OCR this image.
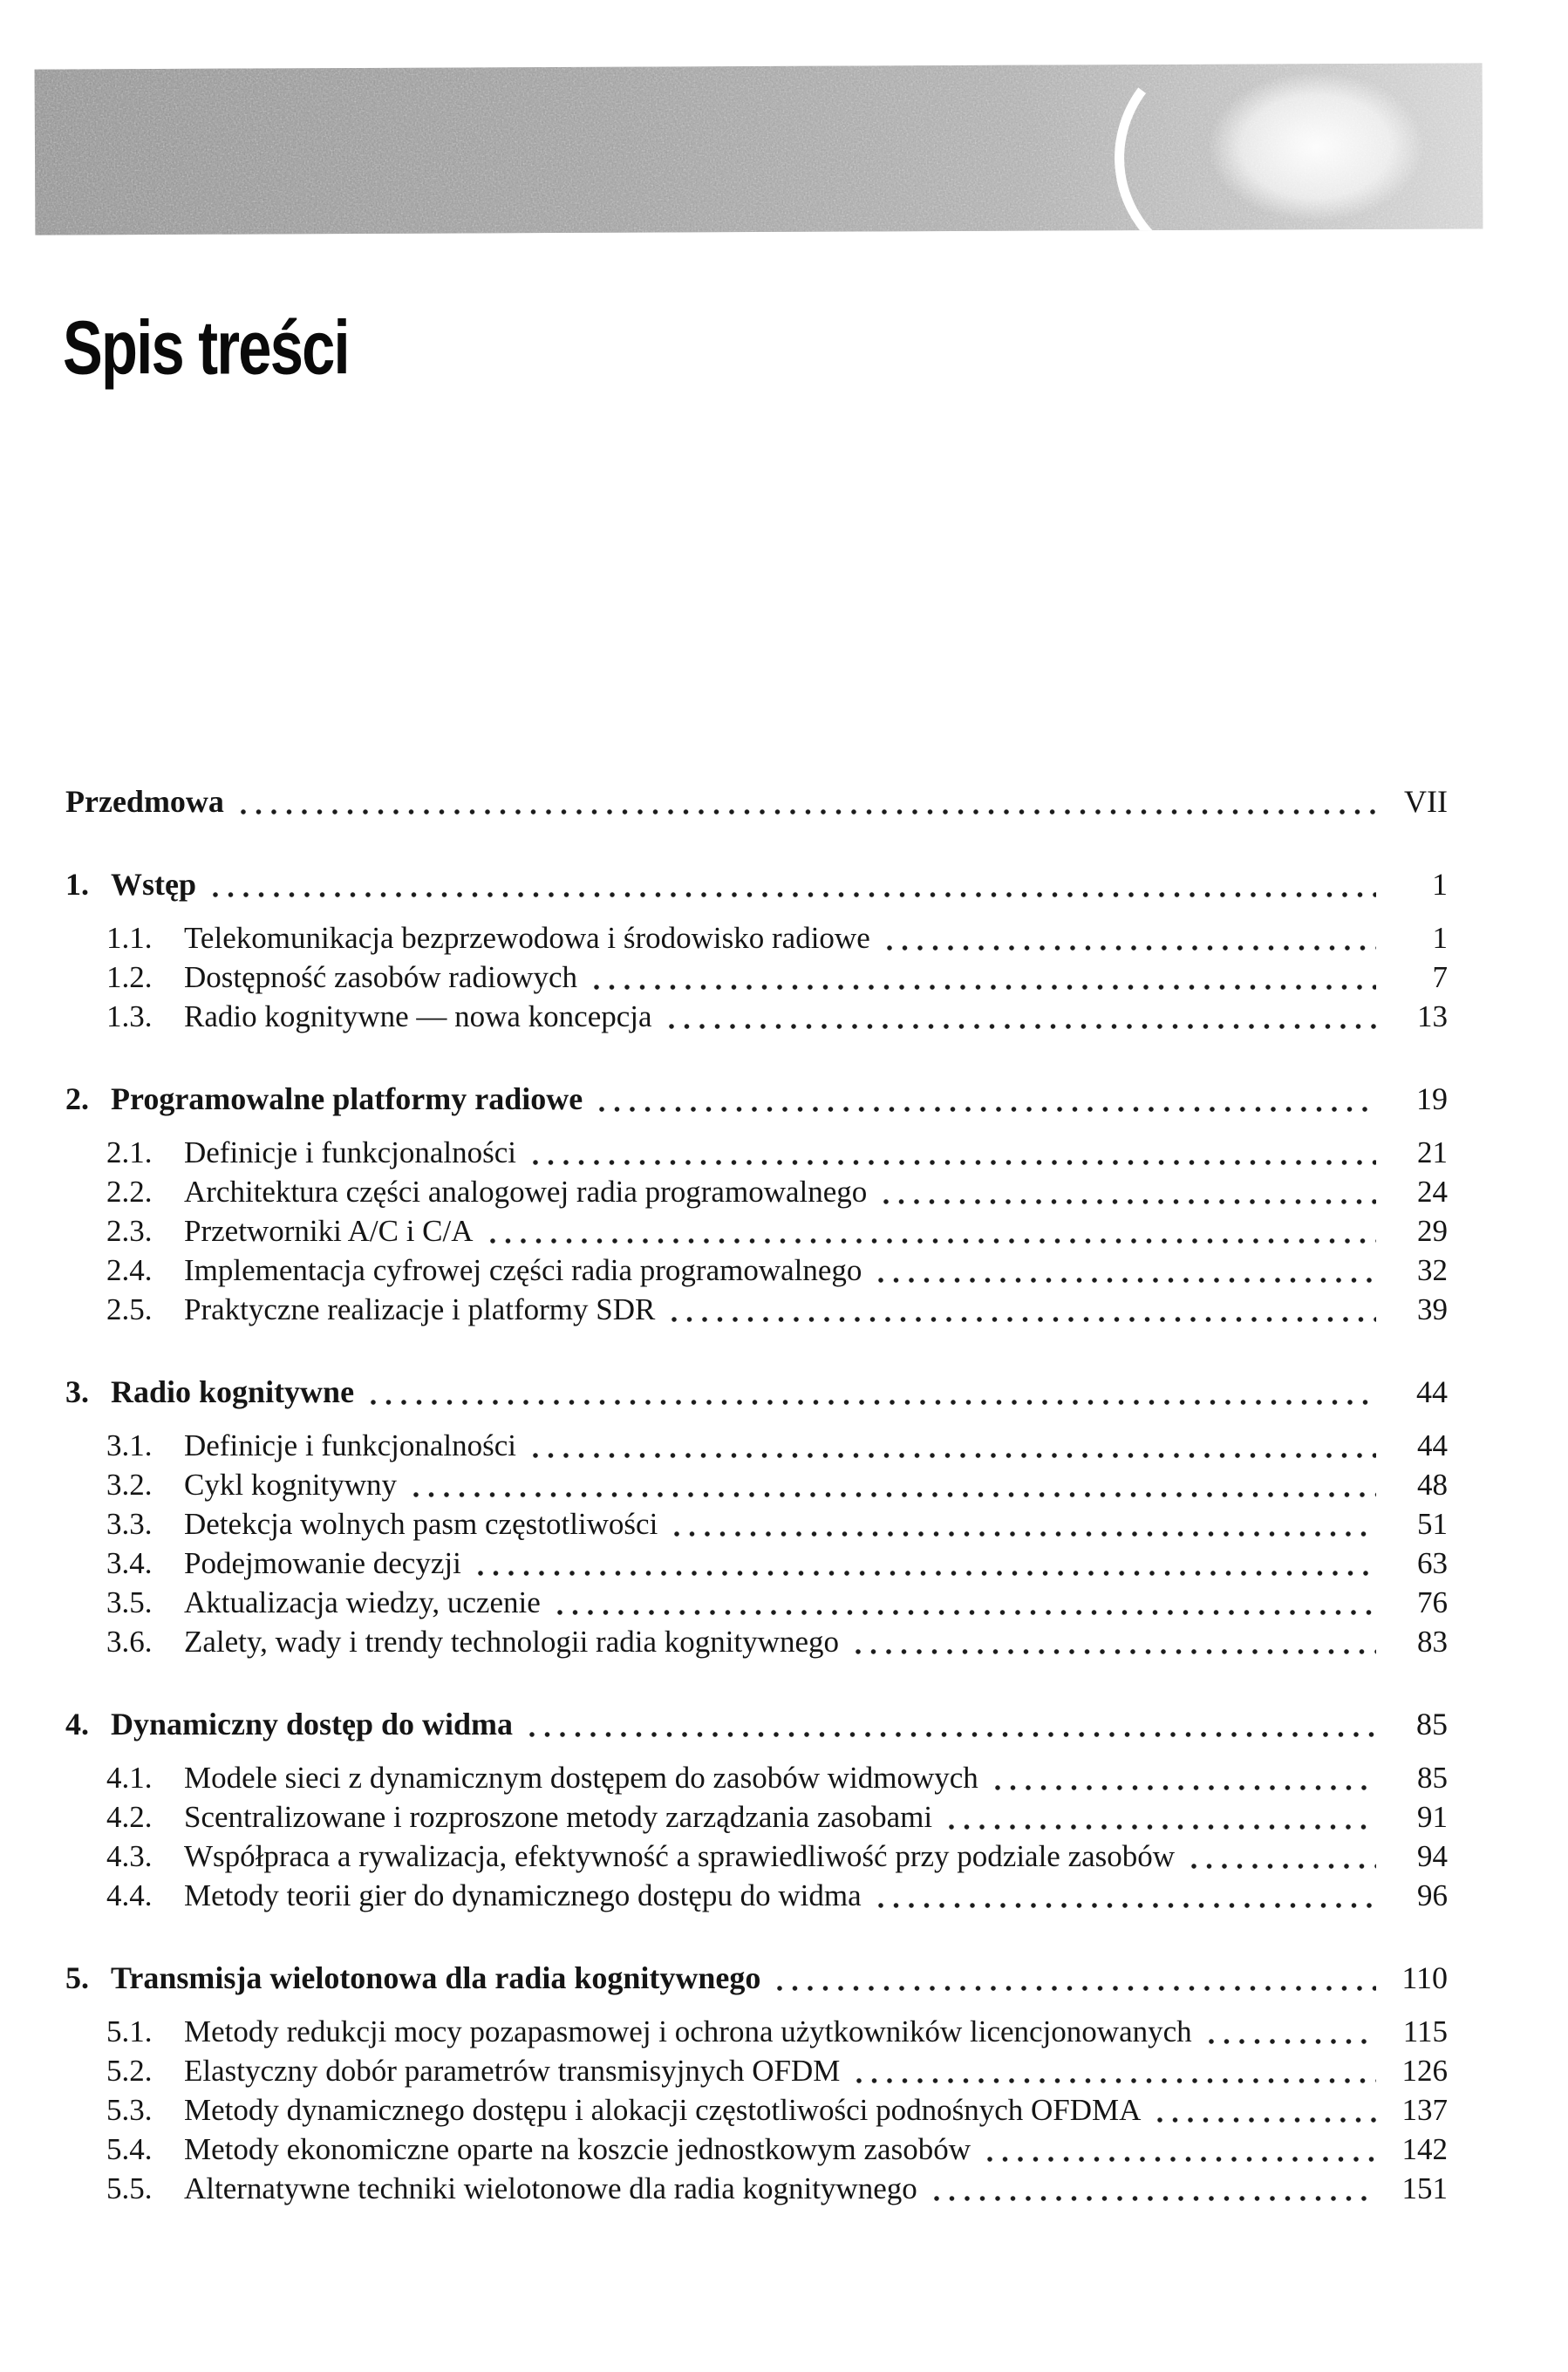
Spis treści
Przedmowa	VII
1. Wstęp	1
1.1.	Telekomunikacja bezprzewodowa i środowisko radiowe	1
1.2.	Dostępność zasobów radiowych	7
1.3.	Radio kognitywne — nowa koncepcja	13
2. Programowalne platformy radiowe	19
2.1.	Definicje i funkcjonalności	21
2.2.	Architektura części analogowej radia programowalnego	24
2.3.	Przetworniki A/C i C/A	29
2.4.	Implementacja cyfrowej części radia programowalnego	32
2.5.	Praktyczne realizacje i platformy SDR	39
3. Radio kognitywne	44
3.1.	Definicje i funkcjonalności	44
3.2.	Cykl kognitywny	48
3.3.	Detekcja wolnych pasm częstotliwości	51
3.4.	Podejmowanie decyzji	63
3.5.	Aktualizacja wiedzy, uczenie	76
3.6.	Zalety, wady i trendy technologii radia kognitywnego	83
4. Dynamiczny dostęp do widma	85
4.1.	Modele sieci z dynamicznym dostępem do zasobów widmowych	85
4.2.	Scentralizowane i rozproszone metody zarządzania zasobami	91
4.3.	Współpraca a rywalizacja, efektywność a sprawiedliwość przy podziale zasobów	94
4.4.	Metody teorii gier do dynamicznego dostępu do widma	96
5. Transmisja wielotonowa dla radia kognitywnego	110
5.1.	Metody redukcji mocy pozapasmowej i ochrona użytkowników licencjonowanych	115
5.2.	Elastyczny dobór parametrów transmisyjnych OFDM	126
5.3.	Metody dynamicznego dostępu i alokacji częstotliwości podnośnych OFDMA	137
5.4.	Metody ekonomiczne oparte na koszcie jednostkowym zasobów	142
5.5.	Alternatywne techniki wielotonowe dla radia kognitywnego	151
